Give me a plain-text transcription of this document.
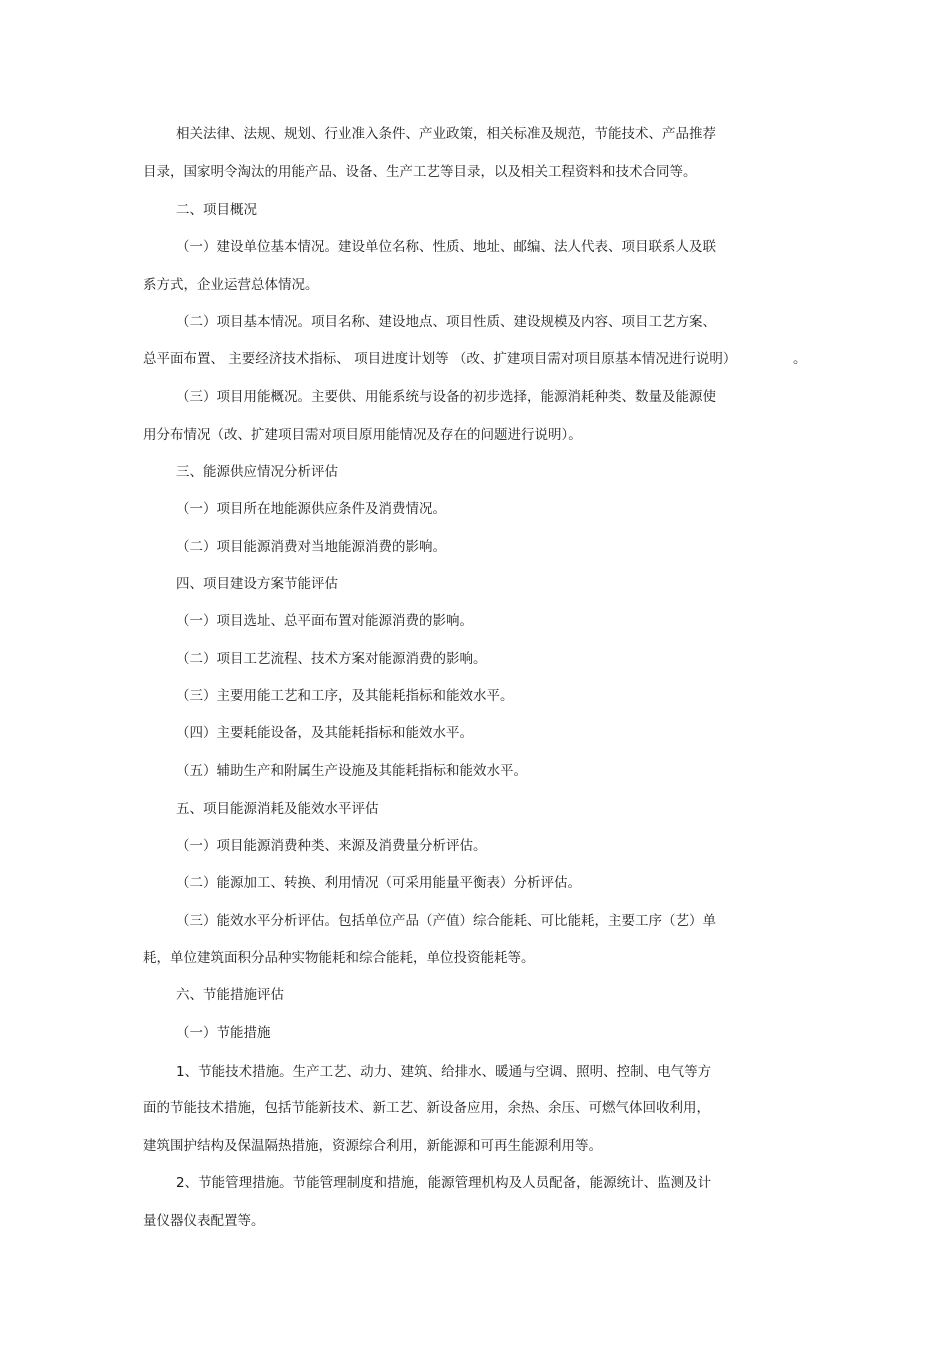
相关法律、法规、规划、行业准入条件、产业政策，相关标准及规范，节能技术、产品推荐
目录，国家明令淘汰的用能产品、设备、生产工艺等目录，以及相关工程资料和技术合同等。
二、项目概况
（一）建设单位基本情况。建设单位名称、性质、地址、邮编、法人代表、项目联系人及联
系方式，企业运营总体情况。
（二）项目基本情况。项目名称、建设地点、项目性质、建设规模及内容、项目工艺方案、
总平面布置、 主要经济技术指标、 项目进度计划等 （改、扩建项目需对项目原基本情况进行说明）	。
（三）项目用能概况。主要供、用能系统与设备的初步选择，能源消耗种类、数量及能源使
用分布情况（改、扩建项目需对项目原用能情况及存在的问题进行说明）。
三、能源供应情况分析评估
（一）项目所在地能源供应条件及消费情况。
（二）项目能源消费对当地能源消费的影响。
四、项目建设方案节能评估
（一）项目选址、总平面布置对能源消费的影响。
（二）项目工艺流程、技术方案对能源消费的影响。
（三）主要用能工艺和工序，及其能耗指标和能效水平。
（四）主要耗能设备，及其能耗指标和能效水平。
（五）辅助生产和附属生产设施及其能耗指标和能效水平。
五、项目能源消耗及能效水平评估
（一）项目能源消费种类、来源及消费量分析评估。
（二）能源加工、转换、利用情况（可采用能量平衡表）分析评估。
（三）能效水平分析评估。包括单位产品（产值）综合能耗、可比能耗，主要工序（艺）单
耗，单位建筑面积分品种实物能耗和综合能耗，单位投资能耗等。
六、节能措施评估
（一）节能措施
1、节能技术措施。生产工艺、动力、建筑、给排水、暖通与空调、照明、控制、电气等方
面的节能技术措施，包括节能新技术、新工艺、新设备应用，余热、余压、可燃气体回收利用，
建筑围护结构及保温隔热措施，资源综合利用，新能源和可再生能源利用等。
2、节能管理措施。节能管理制度和措施，能源管理机构及人员配备，能源统计、监测及计
量仪器仪表配置等。
